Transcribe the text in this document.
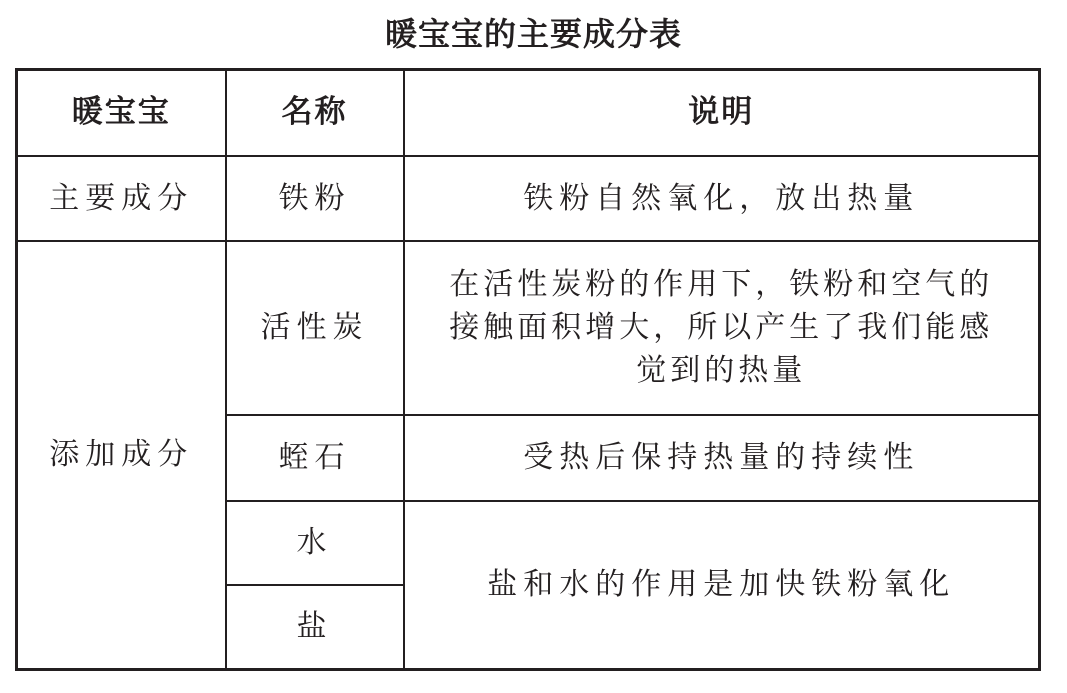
暖宝宝的主要成分表
暖宝宝	名称	说明
主要成分	铁粉	铁粉自然氧化，放出热量
添加成分	活性炭	在活性炭粉的作用下，铁粉和空气的接触面积增大，所以产生了我们能感觉到的热量
	蛭石	受热后保持热量的持续性
	水	盐和水的作用是加快铁粉氧化
	盐	
